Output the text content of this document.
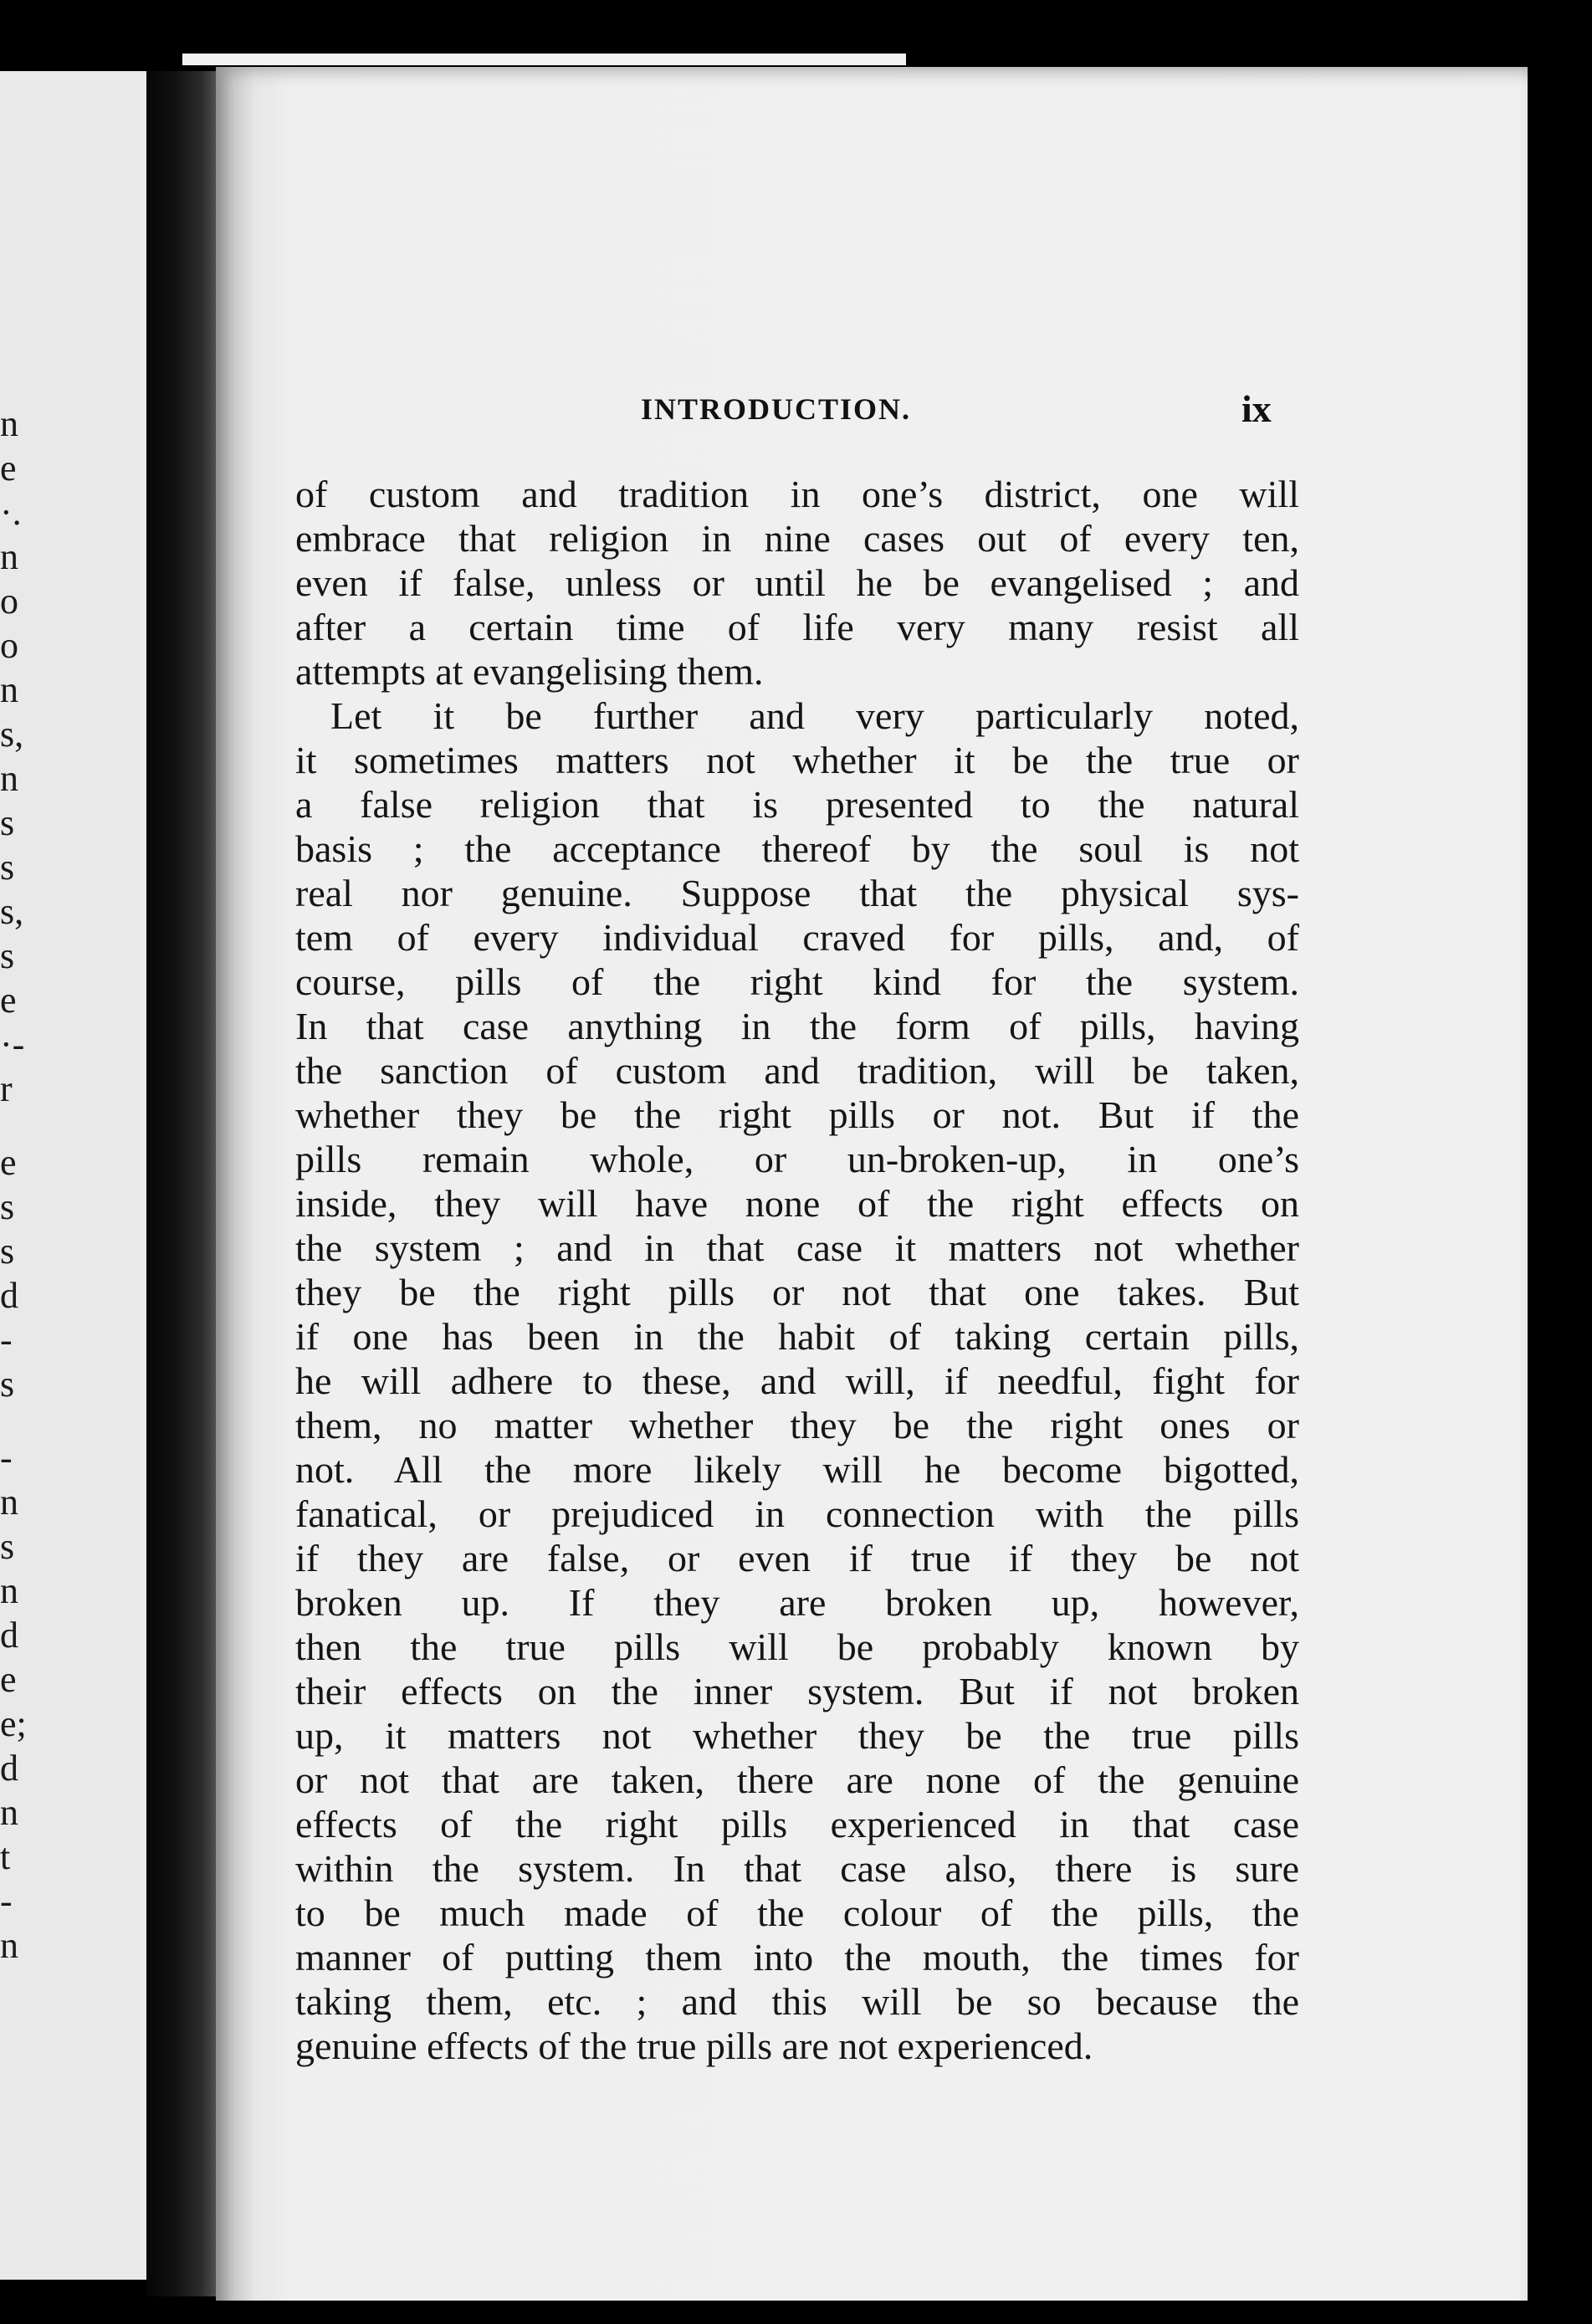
n
e
·.
n
o
o
n
s,
n
s
s
s,
s
e
·-
r
e
s
s
d
-
s
-
n
s
n
d
e
e;
d
n
t
-
n
INTRODUCTION.	ix
of custom and tradition in one’s district, one will
embrace that religion in nine cases out of every ten,
even if false, unless or until he be evangelised ; and
after a certain time of life very many resist all
attempts at evangelising them.
Let it be further and very particularly noted,
it sometimes matters not whether it be the true or
a false religion that is presented to the natural
basis ; the acceptance thereof by the soul is not
real nor genuine. Suppose that the physical sys-
tem of every individual craved for pills, and, of
course, pills of the right kind for the system.
In that case anything in the form of pills, having
the sanction of custom and tradition, will be taken,
whether they be the right pills or not. But if the
pills remain whole, or un-broken-up, in one’s
inside, they will have none of the right effects on
the system ; and in that case it matters not whether
they be the right pills or not that one takes. But
if one has been in the habit of taking certain pills,
he will adhere to these, and will, if needful, fight for
them, no matter whether they be the right ones or
not. All the more likely will he become bigotted,
fanatical, or prejudiced in connection with the pills
if they are false, or even if true if they be not
broken up. If they are broken up, however,
then the true pills will be probably known by
their effects on the inner system. But if not broken
up, it matters not whether they be the true pills
or not that are taken, there are none of the genuine
effects of the right pills experienced in that case
within the system. In that case also, there is sure
to be much made of the colour of the pills, the
manner of putting them into the mouth, the times for
taking them, etc. ; and this will be so because the
genuine effects of the true pills are not experienced.
